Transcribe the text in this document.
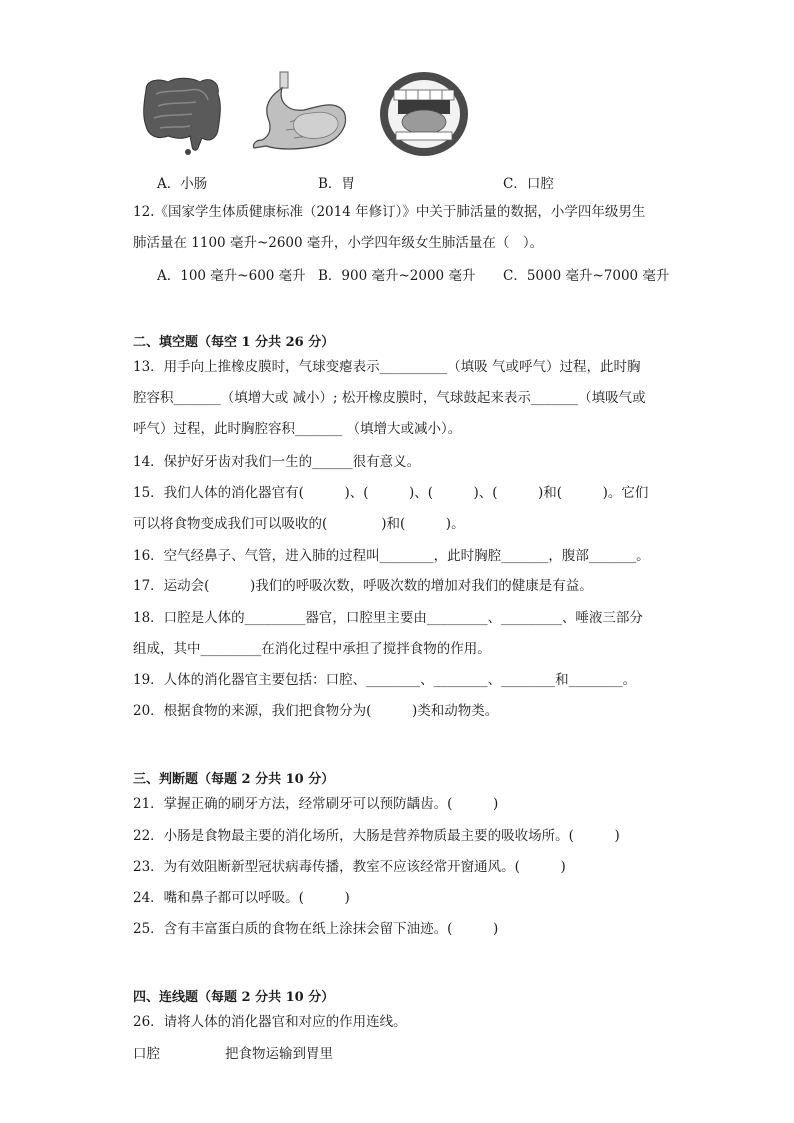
A．小肠	B．胃	C．口腔
12.《国家学生体质健康标准（2014 年修订）》中关于肺活量的数据，小学四年级男生
肺活量在 1100 毫升~2600 毫升，小学四年级女生肺活量在（　）。
A．100 毫升~600 毫升 B．900 毫升~2000 毫升 C．5000 毫升~7000 毫升
二、填空题（每空 1 分共 26 分）
13．用手向上推橡皮膜时，气球变瘪表示__________（填吸 气或呼气）过程，此时胸
腔容积_______（填增大或 减小）; 松开橡皮膜时，气球鼓起来表示_______（填吸气或
呼气）过程，此时胸腔容积_______ （填增大或减小）。
14．保护好牙齿对我们一生的______很有意义。
15．我们人体的消化器官有(　　　)、(　　　)、(　　　)、(　　　)和(　　　)。它们
可以将食物变成我们可以吸收的(　　　　)和(　　　)。
16．空气经鼻子、气管，进入肺的过程叫________，此时胸腔_______，腹部_______。
17．运动会(　　　)我们的呼吸次数，呼吸次数的增加对我们的健康是有益。
18．口腔是人体的_________器官，口腔里主要由_________、_________、唾液三部分
组成，其中_________在消化过程中承担了搅拌食物的作用。
19．人体的消化器官主要包括：口腔、________、________、________和________。
20．根据食物的来源，我们把食物分为(　　　)类和动物类。
三、判断题（每题 2 分共 10 分）
21．掌握正确的刷牙方法，经常刷牙可以预防龋齿。(　　　)
22．小肠是食物最主要的消化场所，大肠是营养物质最主要的吸收场所。(　　　)
23．为有效阻断新型冠状病毒传播，教室不应该经常开窗通风。(　　　)
24．嘴和鼻子都可以呼吸。(　　　)
25．含有丰富蛋白质的食物在纸上涂抹会留下油迹。(　　　)
四、连线题（每题 2 分共 10 分）
26．请将人体的消化器官和对应的作用连线。
口腔	把食物运输到胃里
